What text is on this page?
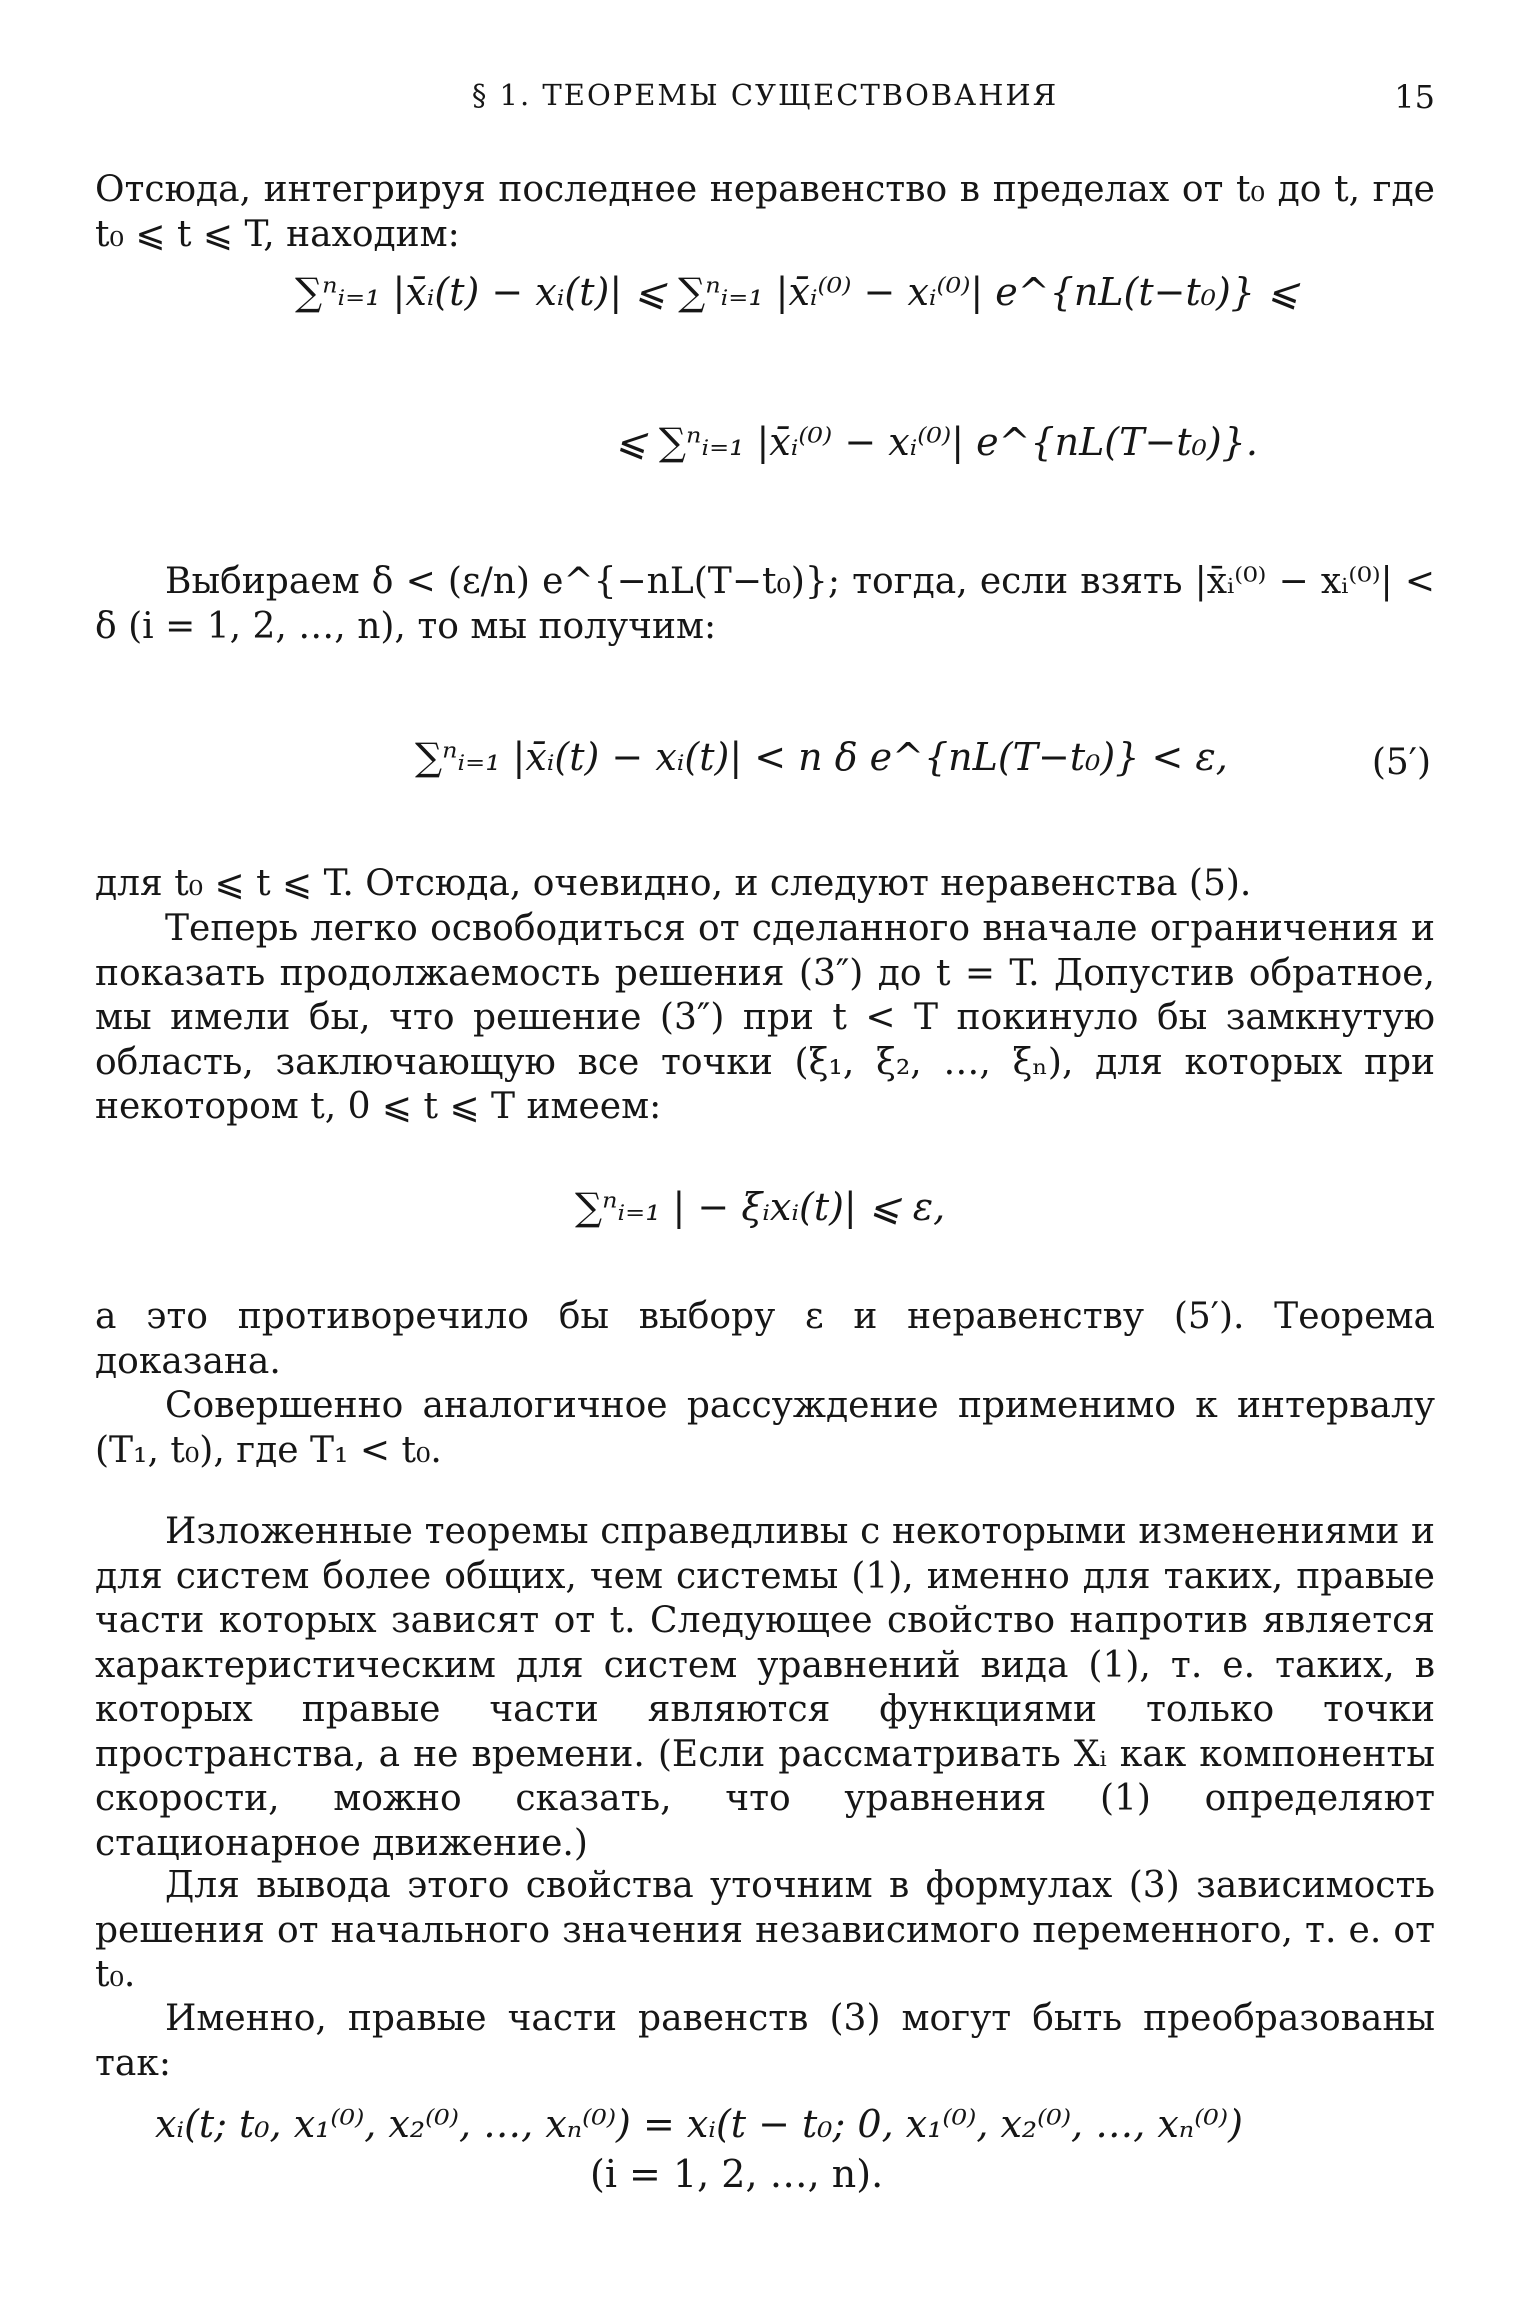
§ 1. ТЕОРЕМЫ СУЩЕСТВОВАНИЯ	15

Отсюда, интегрируя последнее неравенство в пределах от t₀ до t, где t₀ ⩽ t ⩽ T, находим:

∑ⁿᵢ₌₁ |x̄ᵢ(t) − xᵢ(t)| ⩽ ∑ⁿᵢ₌₁ |x̄ᵢ⁽⁰⁾ − xᵢ⁽⁰⁾| e^{nL(t−t₀)} ⩽
⩽ ∑ⁿᵢ₌₁ |x̄ᵢ⁽⁰⁾ − xᵢ⁽⁰⁾| e^{nL(T−t₀)}.

Выбираем δ < (ε/n) e^{−nL(T−t₀)}; тогда, если взять |x̄ᵢ⁽⁰⁾ − xᵢ⁽⁰⁾| < δ (i = 1, 2, …, n), то мы получим:

∑ⁿᵢ₌₁ |x̄ᵢ(t) − xᵢ(t)| < n δ e^{nL(T−t₀)} < ε,	(5′)

для t₀ ⩽ t ⩽ T. Отсюда, очевидно, и следуют неравенства (5).

Теперь легко освободиться от сделанного вначале ограничения и показать продолжаемость решения (3″) до t = T. Допустив обратное, мы имели бы, что решение (3″) при t < T покинуло бы замкнутую область, заключающую все точки (ξ₁, ξ₂, …, ξₙ), для которых при некотором t, 0 ⩽ t ⩽ T имеем:

∑ⁿᵢ₌₁ | − ξᵢxᵢ(t)| ⩽ ε,

а это противоречило бы выбору ε и неравенству (5′). Теорема доказана.

Совершенно аналогичное рассуждение применимо к интервалу (T₁, t₀), где T₁ < t₀.

Изложенные теоремы справедливы с некоторыми изменениями и для систем более общих, чем системы (1), именно для таких, правые части которых зависят от t. Следующее свойство напротив является характеристическим для систем уравнений вида (1), т. е. таких, в которых правые части являются функциями только точки пространства, а не времени. (Если рассматривать Xᵢ как компоненты скорости, можно сказать, что уравнения (1) определяют стационарное движение.)

Для вывода этого свойства уточним в формулах (3) зависимость решения от начального значения независимого переменного, т. е. от t₀.

Именно, правые части равенств (3) могут быть преобразованы так:

xᵢ(t; t₀, x₁⁽⁰⁾, x₂⁽⁰⁾, …, xₙ⁽⁰⁾) = xᵢ(t − t₀; 0, x₁⁽⁰⁾, x₂⁽⁰⁾, …, xₙ⁽⁰⁾)
(i = 1, 2, …, n).
